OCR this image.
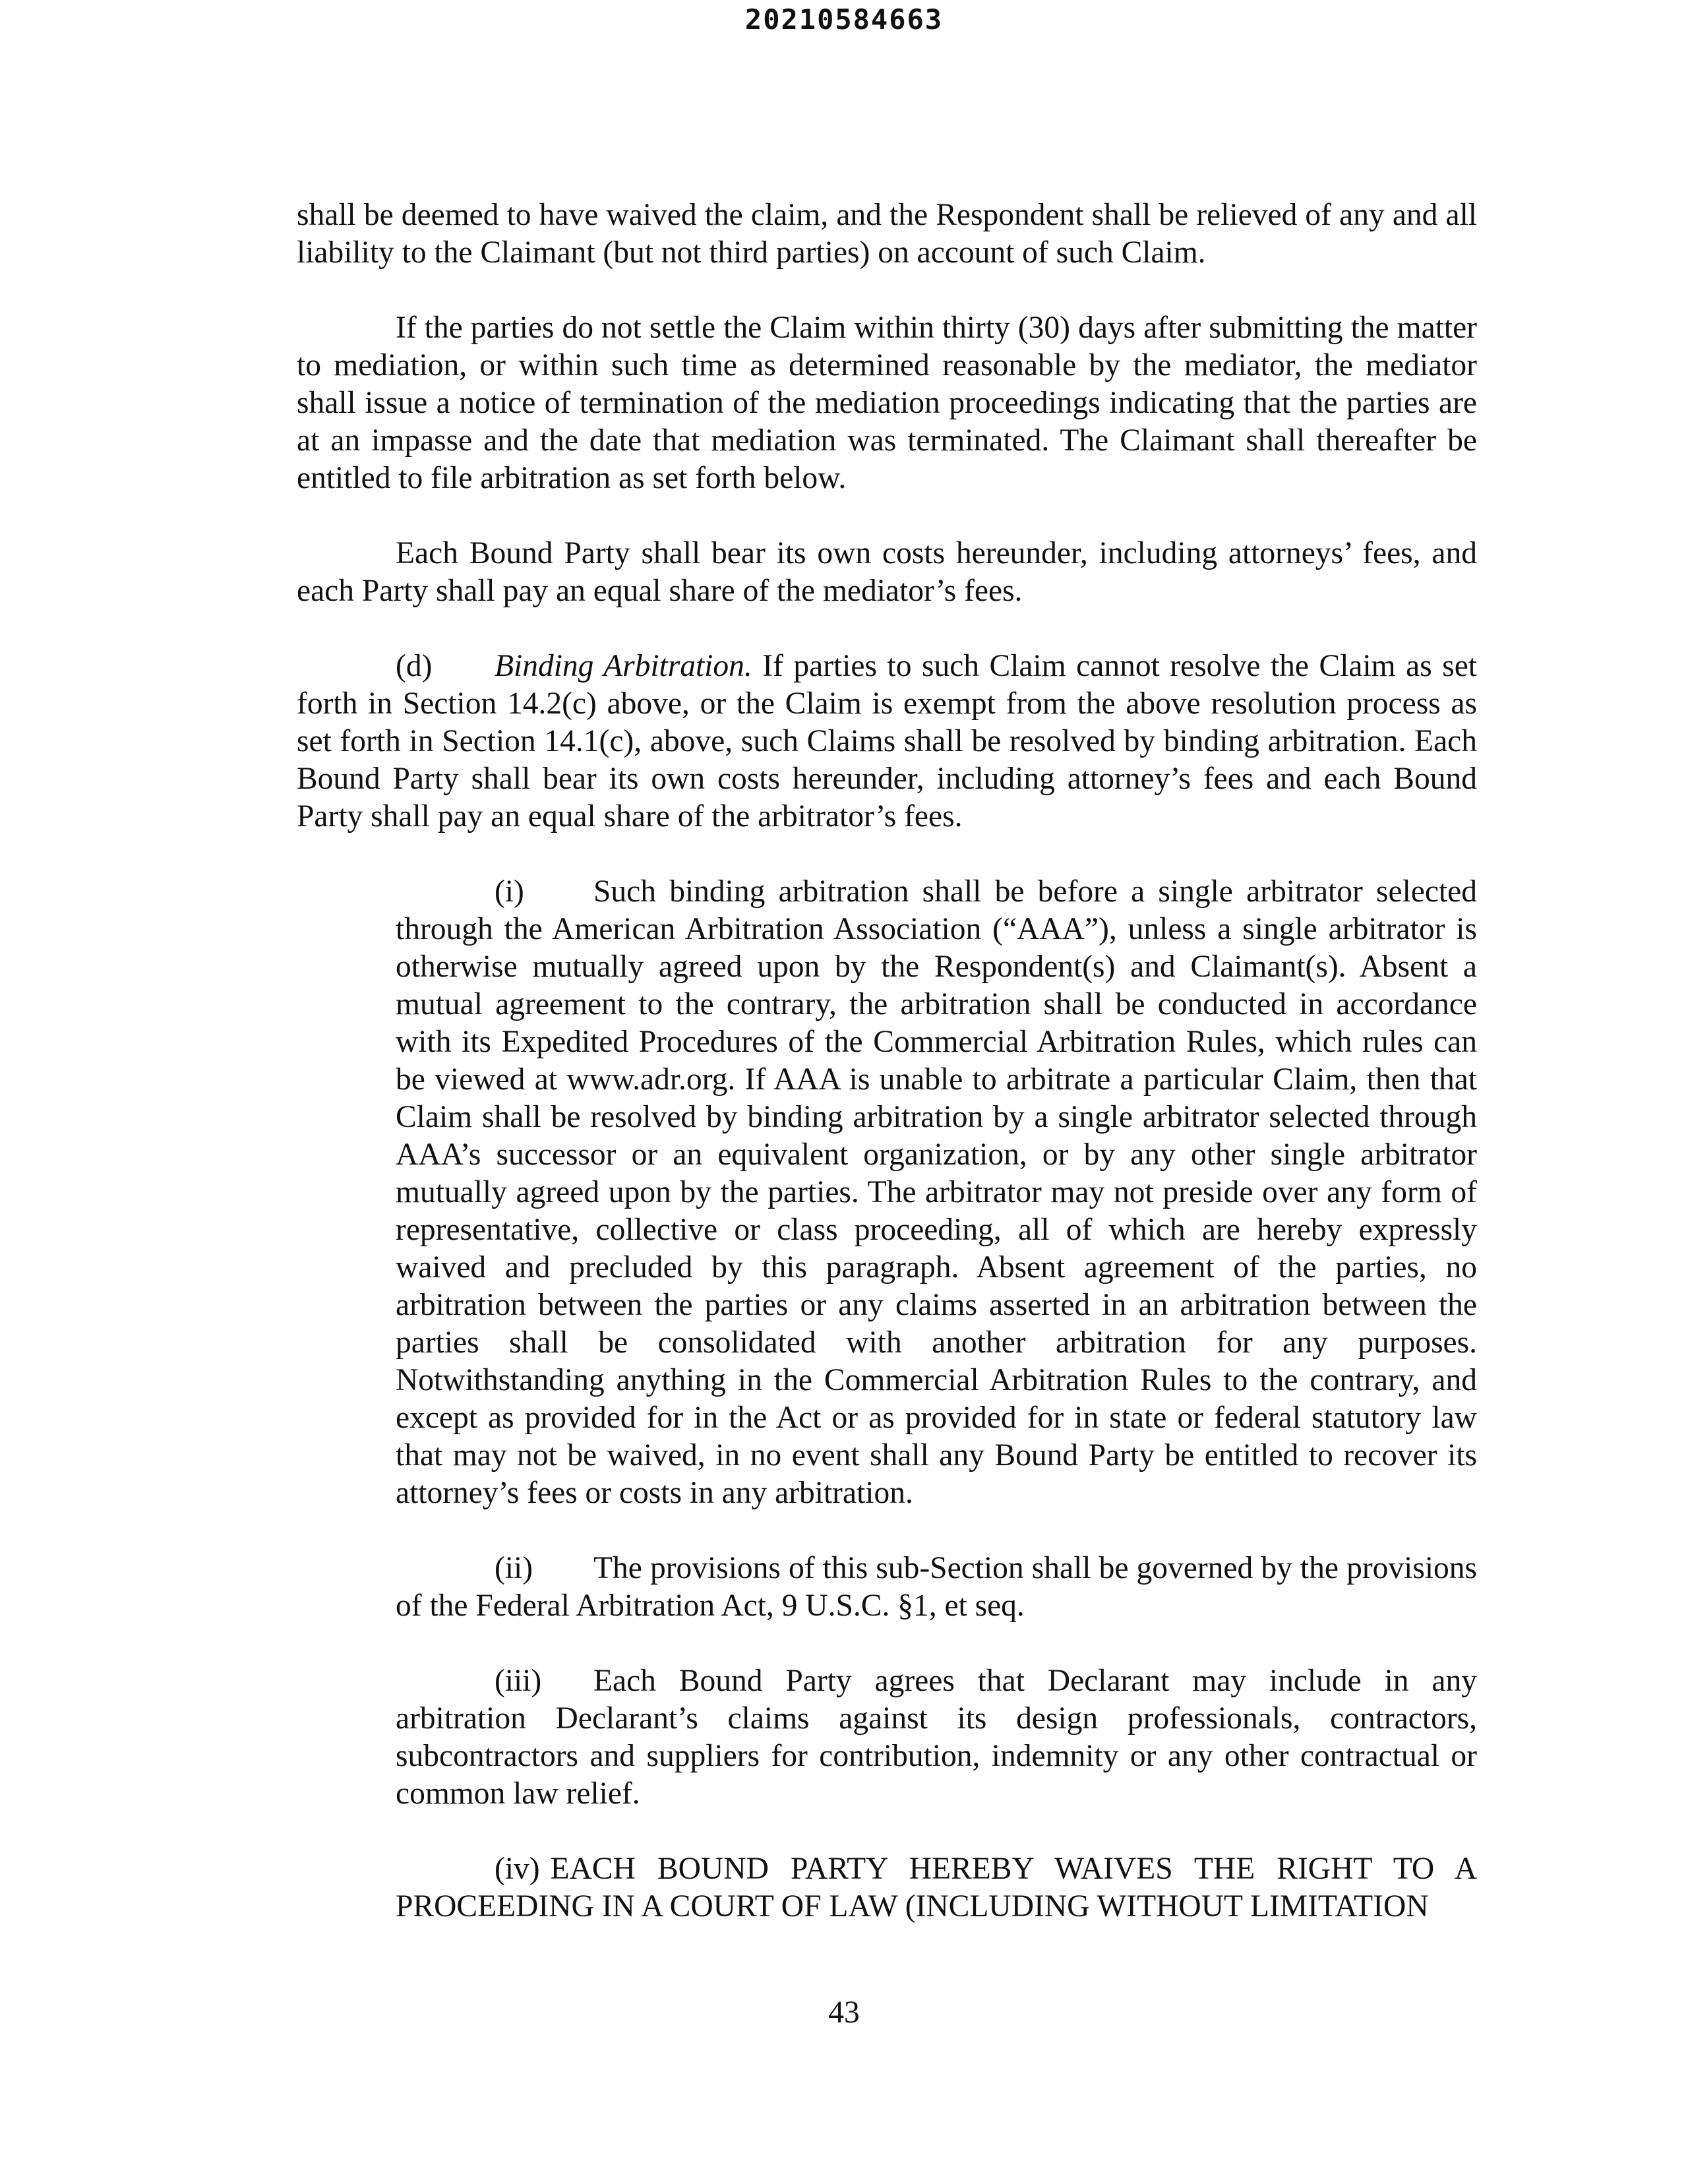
20210584663

shall be deemed to have waived the claim, and the Respondent shall be relieved of any and all liability to the Claimant (but not third parties) on account of such Claim.

If the parties do not settle the Claim within thirty (30) days after submitting the matter to mediation, or within such time as determined reasonable by the mediator, the mediator shall issue a notice of termination of the mediation proceedings indicating that the parties are at an impasse and the date that mediation was terminated. The Claimant shall thereafter be entitled to file arbitration as set forth below.

Each Bound Party shall bear its own costs hereunder, including attorneys’ fees, and each Party shall pay an equal share of the mediator’s fees.

(d) Binding Arbitration. If parties to such Claim cannot resolve the Claim as set forth in Section 14.2(c) above, or the Claim is exempt from the above resolution process as set forth in Section 14.1(c), above, such Claims shall be resolved by binding arbitration. Each Bound Party shall bear its own costs hereunder, including attorney’s fees and each Bound Party shall pay an equal share of the arbitrator’s fees.

(i) Such binding arbitration shall be before a single arbitrator selected through the American Arbitration Association (“AAA”), unless a single arbitrator is otherwise mutually agreed upon by the Respondent(s) and Claimant(s). Absent a mutual agreement to the contrary, the arbitration shall be conducted in accordance with its Expedited Procedures of the Commercial Arbitration Rules, which rules can be viewed at www.adr.org. If AAA is unable to arbitrate a particular Claim, then that Claim shall be resolved by binding arbitration by a single arbitrator selected through AAA’s successor or an equivalent organization, or by any other single arbitrator mutually agreed upon by the parties. The arbitrator may not preside over any form of representative, collective or class proceeding, all of which are hereby expressly waived and precluded by this paragraph. Absent agreement of the parties, no arbitration between the parties or any claims asserted in an arbitration between the parties shall be consolidated with another arbitration for any purposes. Notwithstanding anything in the Commercial Arbitration Rules to the contrary, and except as provided for in the Act or as provided for in state or federal statutory law that may not be waived, in no event shall any Bound Party be entitled to recover its attorney’s fees or costs in any arbitration.

(ii) The provisions of this sub-Section shall be governed by the provisions of the Federal Arbitration Act, 9 U.S.C. §1, et seq.

(iii) Each Bound Party agrees that Declarant may include in any arbitration Declarant’s claims against its design professionals, contractors, subcontractors and suppliers for contribution, indemnity or any other contractual or common law relief.

(iv) EACH BOUND PARTY HEREBY WAIVES THE RIGHT TO A PROCEEDING IN A COURT OF LAW (INCLUDING WITHOUT LIMITATION

43
